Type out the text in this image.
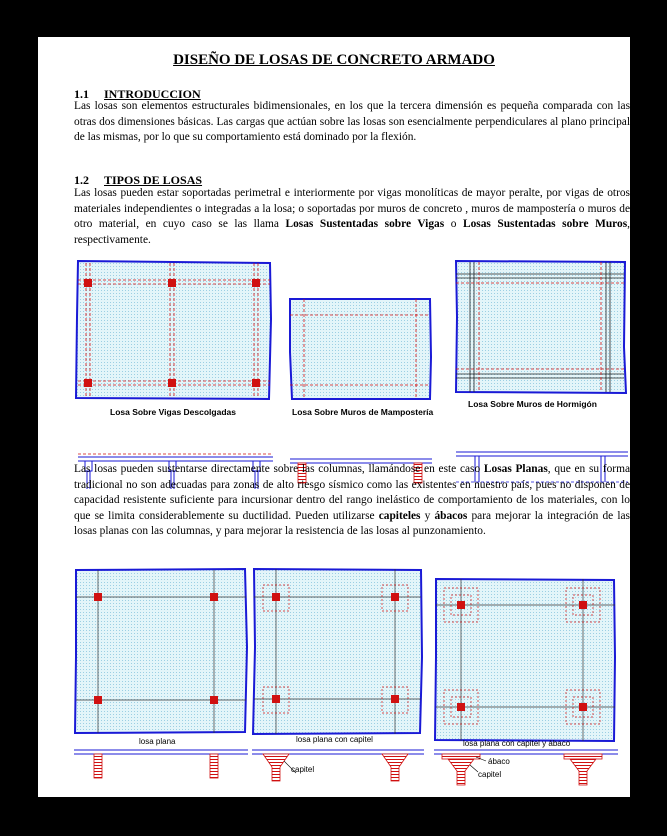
DISEÑO DE LOSAS DE CONCRETO ARMADO
1.1 INTRODUCCION
Las losas son elementos estructurales bidimensionales, en los que la tercera dimensión es pequeña comparada con las otras dos dimensiones básicas. Las cargas que actúan sobre las losas son esencialmente perpendiculares al plano principal de las mismas, por lo que su comportamiento está dominado por la flexión.
1.2 TIPOS DE LOSAS
Las losas pueden estar soportadas perimetral e interiormente por vigas monolíticas de mayor peralte, por vigas de otros materiales independientes o integradas a la losa; o soportadas por muros de concreto , muros de mampostería o muros de otro material, en cuyo caso se las llama Losas Sustentadas sobre Vigas o Losas Sustentadas sobre Muros, respectivamente.
Losa Sobre Vigas Descolgadas	Losa Sobre Muros de Mampostería
Losa Sobre Muros de Hormigón
Las losas pueden sustentarse directamente sobre las columnas, llamándose en este caso Losas Planas, que en su forma tradicional no son adecuadas para zonas de alto riesgo sísmico como las existentes en nuestro país, pues no disponen de capacidad resistente suficiente para incursionar dentro del rango inelástico de comportamiento de los materiales, con lo que se limita considerablemente su ductilidad. Pueden utilizarse capiteles y ábacos para mejorar la integración de las losas planas con las columnas, y para mejorar la resistencia de las losas al punzonamiento.
losa plana	losa plana con capitel	losa plana con capitel y ábaco
capitel
ábaco
capitel
